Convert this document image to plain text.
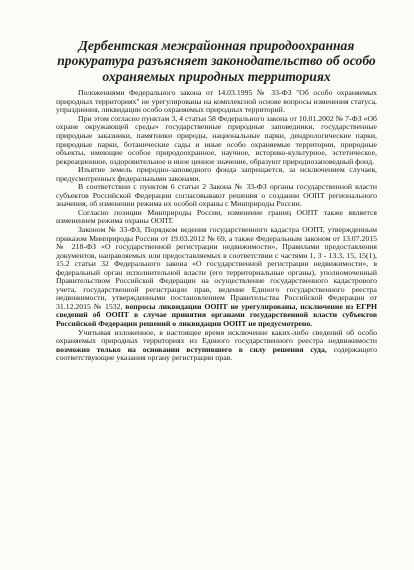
Дербентская межрайонная природоохранная прокуратура разъясняет законодательство об особо охраняемых природных территориях

Положениями Федерального закона от 14.03.1995 № 33-ФЗ "Об особо охраняемых природных территориях" не урегулированы на комплексной основе вопросы изменения статуса, упразднения, ликвидации особо охраняемых природных территорий.

При этом согласно пунктам 3, 4 статьи 58 Федерального закона от 10.01.2002 № 7-ФЗ «Об охране окружающей среды» государственные природные заповедники, государственные природные заказники, памятники природы, национальные парки, дендрологические парки, природные парки, ботанические сады и иные особо охраняемые территории, природные объекты, имеющие особое природоохранное, научное, историко-культурное, эстетическое, рекреационное, оздоровительное и иное ценное значение, образуют природнозаповедный фонд.

Изъятие земель природно-заповедного фонда запрещается, за исключением случаев, предусмотренных федеральными законами.

В соответствии с пунктом 6 статьи 2 Закона № 33-ФЗ органы государственной власти субъектов Российской Федерации согласовывают решения о создании ООПТ регионального значения, об изменении режима их особой охраны с Минприроды России.

Согласно позиции Минприроды России, изменение границ ООПТ также является изменением режима охраны ООПТ.

Законом № 33-ФЗ, Порядком ведения государственного кадастра ООПТ, утвержденным приказом Минприроды России от 19.03.2012 № 69, а также Федеральным законом от 13.07.2015 № 218-ФЗ «О государственной регистрации недвижимости», Правилами предоставления документов, направляемых или предоставляемых в соответствии с частями 1, 3 - 13.3, 15, 15(1), 15.2 статьи 32 Федерального закона «О государственной регистрации недвижимости», в федеральный орган исполнительной власти (его территориальные органы), уполномоченный Правительством Российской Федерации на осуществление государственного кадастрового учета, государственной регистрации прав, ведение Единого государственного реестра недвижимости, утвержденными постановлением Правительства Российской Федерации от 31.12.2015 № 1532, вопросы ликвидации ООПТ не урегулированы, исключение из ЕГРН сведений об ООПТ в случае принятия органами государственной власти субъектов Российской Федерации решений о ликвидации ООПТ не предусмотрено.

Учитывая изложенное, в настоящее время исключение каких-либо сведений об особо охраняемых природных территориях из Единого государственного реестра недвижимости возможно только на основании вступившего в силу решения суда, содержащего соответствующие указания органу регистрации прав.
